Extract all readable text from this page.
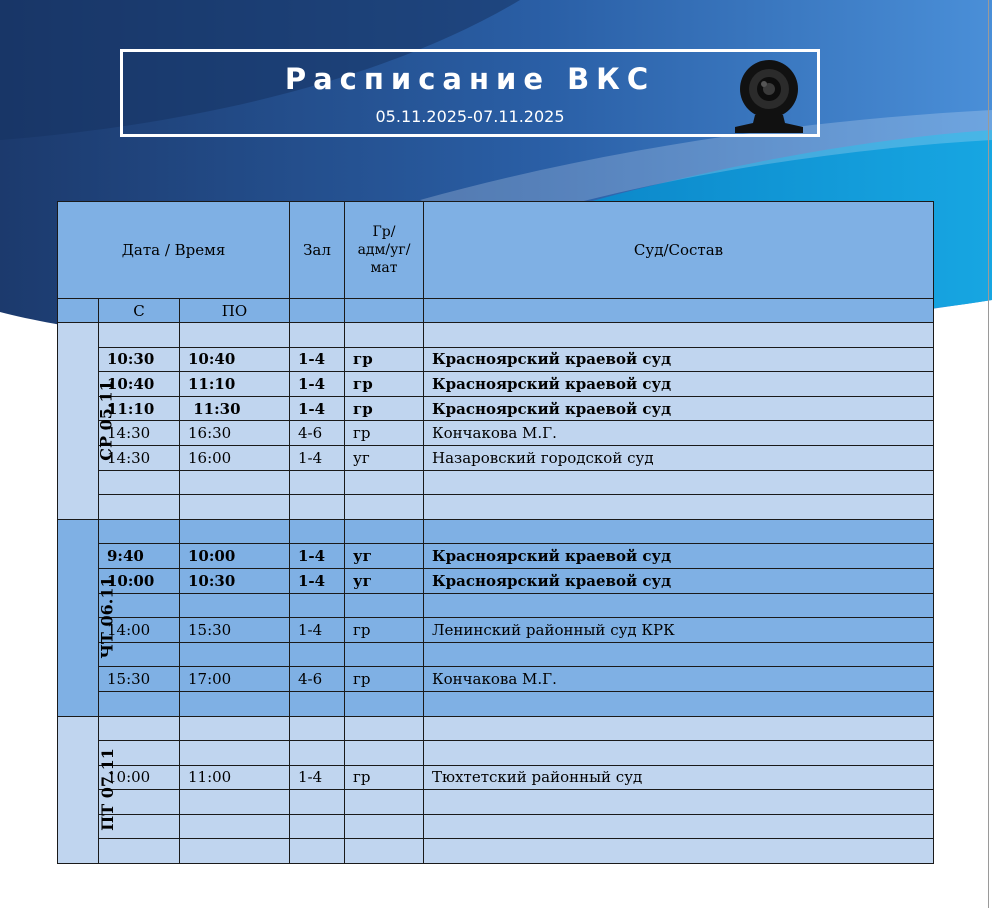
Расписание ВКС
05.11.2025-07.11.2025
Дата / Время			Зал	Гр/
адм/уг/
мат	Суд/Состав
	С	ПО			
СР 05.11					
	10:30	10:40	1-4	гр	Красноярский краевой суд
	10:40	11:10	1-4	гр	Красноярский краевой суд
	11:10	11:30	1-4	гр	Красноярский краевой суд
	14:30	16:30	4-6	гр	Кончакова М.Г.
	14:30	16:00	1-4	уг	Назаровский городской суд

ЧТ 06.11					
	9:40	10:00	1-4	уг	Красноярский краевой суд
	10:00	10:30	1-4	уг	Красноярский краевой суд

	14:00	15:30	1-4	гр	Ленинский районный суд КРК

	15:30	17:00	4-6	гр	Кончакова М.Г.

ПТ 07.11					

	10:00	11:00	1-4	гр	Тюхтетский районный суд
